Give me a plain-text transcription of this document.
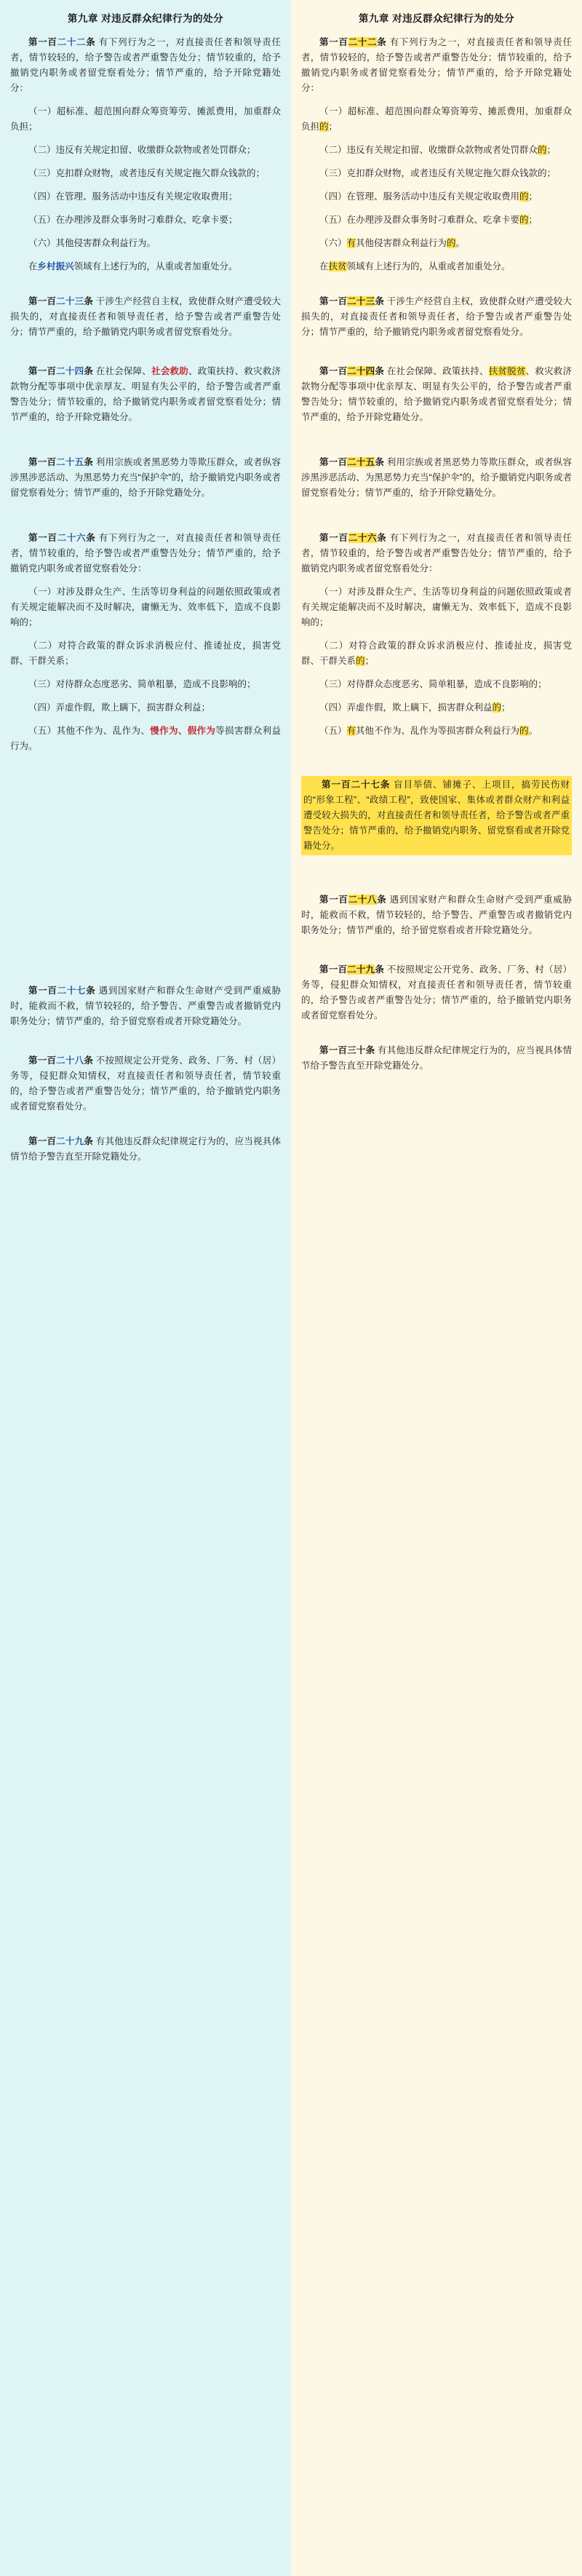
第九章 对违反群众纪律行为的处分

第一百二十二条 有下列行为之一，对直接责任者和领导责任者，情节较轻的，给予警告或者严重警告处分；情节较重的，给予撤销党内职务或者留党察看处分；情节严重的，给予开除党籍处分：

（一）超标准、超范围向群众筹资筹劳、摊派费用，加重群众负担；

（二）违反有关规定扣留、收缴群众款物或者处罚群众；

（三）克扣群众财物，或者违反有关规定拖欠群众钱款的；

（四）在管理、服务活动中违反有关规定收取费用；

（五）在办理涉及群众事务时刁难群众、吃拿卡要；

（六）其他侵害群众利益行为。

在乡村振兴领域有上述行为的，从重或者加重处分。

第一百二十三条 干涉生产经营自主权，致使群众财产遭受较大损失的，对直接责任者和领导责任者，给予警告或者严重警告处分；情节严重的，给予撤销党内职务或者留党察看处分。

第一百二十四条 在社会保障、社会救助、政策扶持、救灾救济款物分配等事项中优亲厚友、明显有失公平的，给予警告或者严重警告处分；情节较重的，给予撤销党内职务或者留党察看处分；情节严重的，给予开除党籍处分。

第一百二十五条 利用宗族或者黑恶势力等欺压群众，或者纵容涉黑涉恶活动、为黑恶势力充当“保护伞”的，给予撤销党内职务或者留党察看处分；情节严重的，给予开除党籍处分。

第一百二十六条 有下列行为之一，对直接责任者和领导责任者，情节较重的，给予警告或者严重警告处分；情节严重的，给予撤销党内职务或者留党察看处分：

（一）对涉及群众生产、生活等切身利益的问题依照政策或者有关规定能解决而不及时解决，庸懒无为、效率低下，造成不良影响的；

（二）对符合政策的群众诉求消极应付、推诿扯皮，损害党群、干群关系；

（三）对待群众态度恶劣、简单粗暴，造成不良影响的；

（四）弄虚作假，欺上瞒下，损害群众利益；

（五）其他不作为、乱作为、慢作为、假作为等损害群众利益行为。

第一百二十七条 遇到国家财产和群众生命财产受到严重威胁时，能救而不救，情节较轻的，给予警告、严重警告或者撤销党内职务处分；情节严重的，给予留党察看或者开除党籍处分。

第一百二十八条 不按照规定公开党务、政务、厂务、村（居）务等，侵犯群众知情权，对直接责任者和领导责任者，情节较重的，给予警告或者严重警告处分；情节严重的，给予撤销党内职务或者留党察看处分。

第一百二十九条 有其他违反群众纪律规定行为的，应当视具体情节给予警告直至开除党籍处分。

第九章 对违反群众纪律行为的处分

第一百二十二条 有下列行为之一，对直接责任者和领导责任者，情节较轻的，给予警告或者严重警告处分；情节较重的，给予撤销党内职务或者留党察看处分；情节严重的，给予开除党籍处分：

（一）超标准、超范围向群众筹资筹劳、摊派费用，加重群众负担的；

（二）违反有关规定扣留、收缴群众款物或者处罚群众的；

（三）克扣群众财物，或者违反有关规定拖欠群众钱款的；

（四）在管理、服务活动中违反有关规定收取费用的；

（五）在办理涉及群众事务时刁难群众、吃拿卡要的；

（六）有其他侵害群众利益行为的。

在扶贫领域有上述行为的，从重或者加重处分。

第一百二十三条 干涉生产经营自主权，致使群众财产遭受较大损失的，对直接责任者和领导责任者，给予警告或者严重警告处分；情节严重的，给予撤销党内职务或者留党察看处分。

第一百二十四条 在社会保障、政策扶持、扶贫脱贫、救灾救济款物分配等事项中优亲厚友、明显有失公平的，给予警告或者严重警告处分；情节较重的，给予撤销党内职务或者留党察看处分；情节严重的，给予开除党籍处分。

第一百二十五条 利用宗族或者黑恶势力等欺压群众，或者纵容涉黑涉恶活动、为黑恶势力充当“保护伞”的，给予撤销党内职务或者留党察看处分；情节严重的，给予开除党籍处分。

第一百二十六条 有下列行为之一，对直接责任者和领导责任者，情节较重的，给予警告或者严重警告处分；情节严重的，给予撤销党内职务或者留党察看处分：

（一）对涉及群众生产、生活等切身利益的问题依照政策或者有关规定能解决而不及时解决，庸懒无为、效率低下，造成不良影响的；

（二）对符合政策的群众诉求消极应付、推诿扯皮，损害党群、干群关系的；

（三）对待群众态度恶劣、简单粗暴，造成不良影响的；

（四）弄虚作假，欺上瞒下，损害群众利益的；

（五）有其他不作为、乱作为等损害群众利益行为的。

第一百二十七条 盲目举债、铺摊子、上项目，搞劳民伤财的“形象工程”、“政绩工程”，致使国家、集体或者群众财产和利益遭受较大损失的，对直接责任者和领导责任者，给予警告或者严重警告处分；情节严重的，给予撤销党内职务、留党察看或者开除党籍处分。

第一百二十八条 遇到国家财产和群众生命财产受到严重威胁时，能救而不救，情节较轻的，给予警告、严重警告或者撤销党内职务处分；情节严重的，给予留党察看或者开除党籍处分。

第一百二十九条 不按照规定公开党务、政务、厂务、村（居）务等，侵犯群众知情权，对直接责任者和领导责任者，情节较重的，给予警告或者严重警告处分；情节严重的，给予撤销党内职务或者留党察看处分。

第一百三十条 有其他违反群众纪律规定行为的，应当视具体情节给予警告直至开除党籍处分。
